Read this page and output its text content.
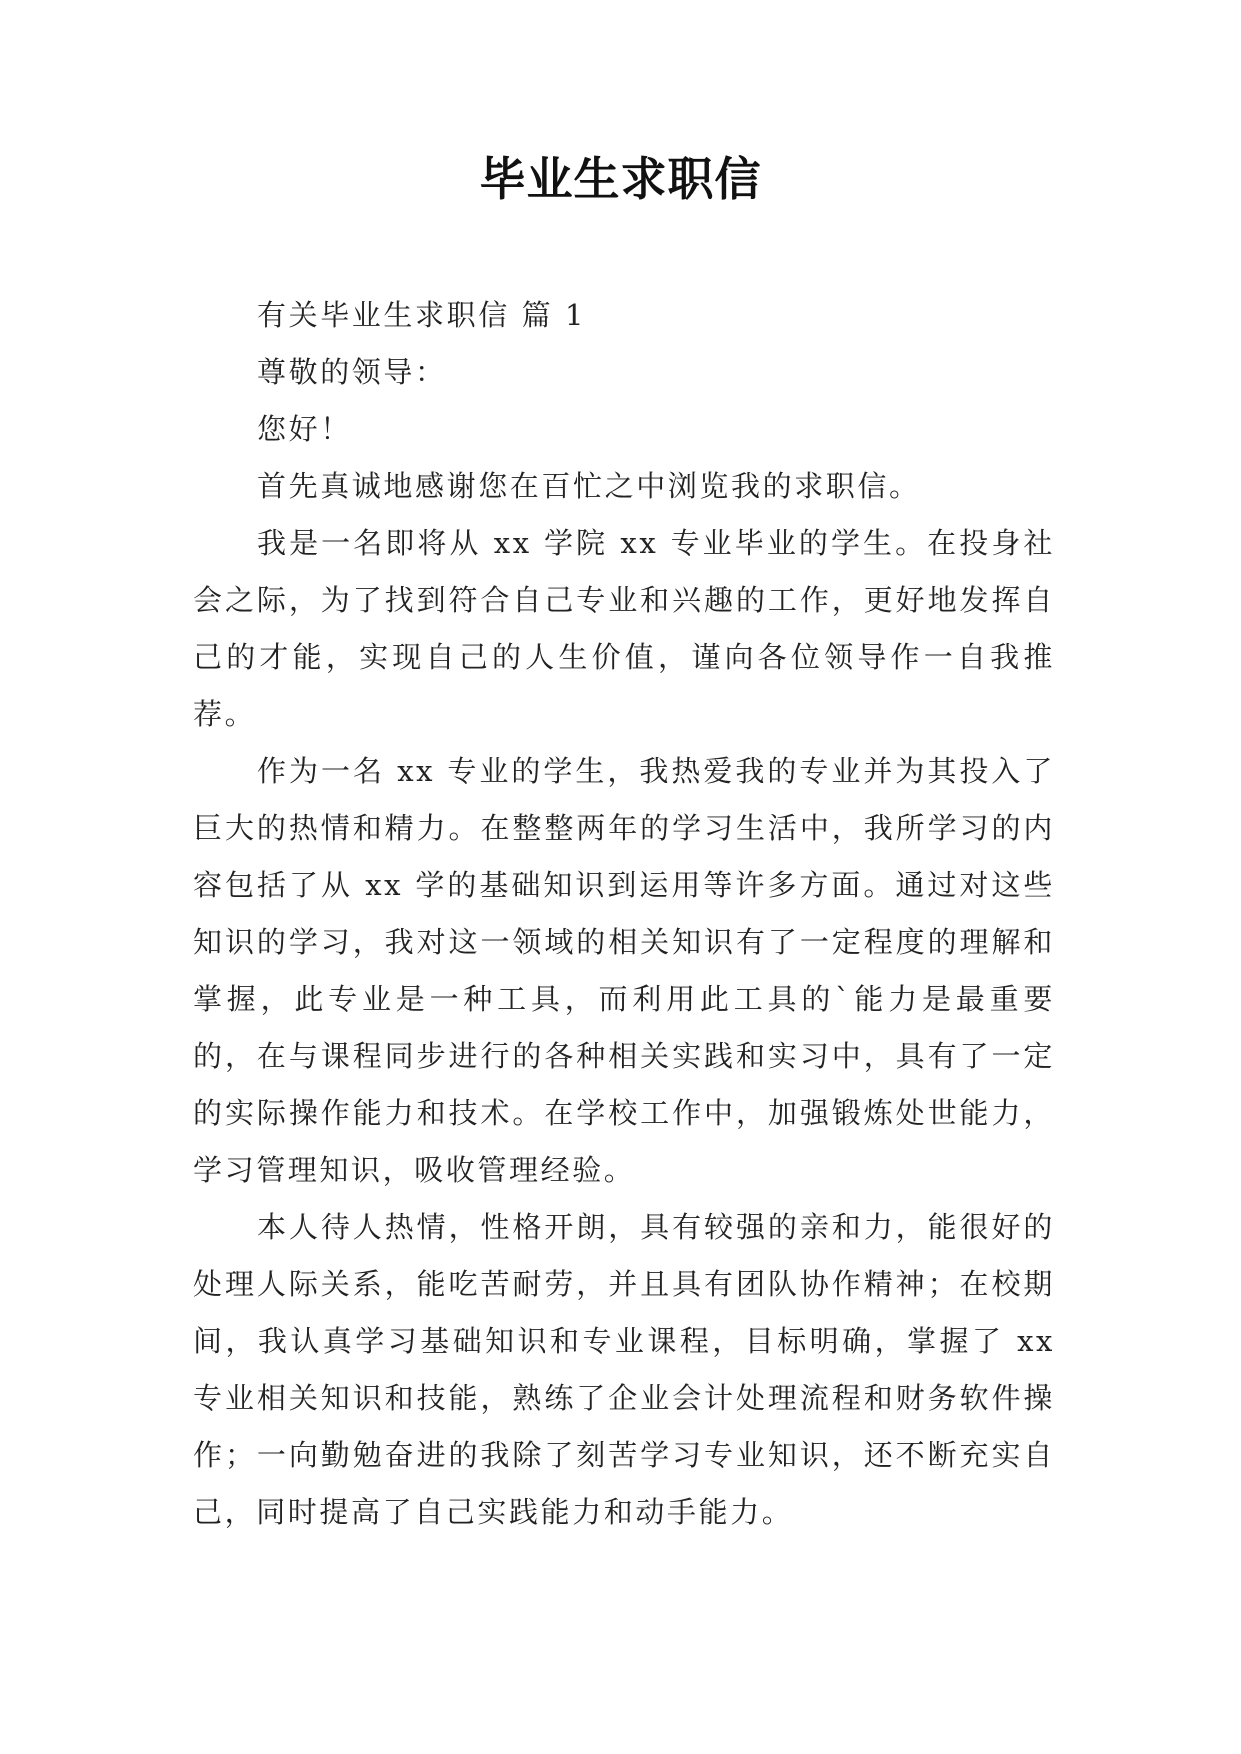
毕业生求职信

有关毕业生求职信 篇 1

尊敬的领导：

您好！

首先真诚地感谢您在百忙之中浏览我的求职信。

我是一名即将从 xx 学院 xx 专业毕业的学生。在投身社会之际，为了找到符合自己专业和兴趣的工作，更好地发挥自己的才能，实现自己的人生价值，谨向各位领导作一自我推荐。

作为一名 xx 专业的学生，我热爱我的专业并为其投入了巨大的热情和精力。在整整两年的学习生活中，我所学习的内容包括了从 xx 学的基础知识到运用等许多方面。通过对这些知识的学习，我对这一领域的相关知识有了一定程度的理解和掌握，此专业是一种工具，而利用此工具的`能力是最重要的，在与课程同步进行的各种相关实践和实习中，具有了一定的实际操作能力和技术。在学校工作中，加强锻炼处世能力，学习管理知识，吸收管理经验。

本人待人热情，性格开朗，具有较强的亲和力，能很好的处理人际关系，能吃苦耐劳，并且具有团队协作精神；在校期间，我认真学习基础知识和专业课程，目标明确，掌握了 xx 专业相关知识和技能，熟练了企业会计处理流程和财务软件操作；一向勤勉奋进的我除了刻苦学习专业知识，还不断充实自己，同时提高了自己实践能力和动手能力。
